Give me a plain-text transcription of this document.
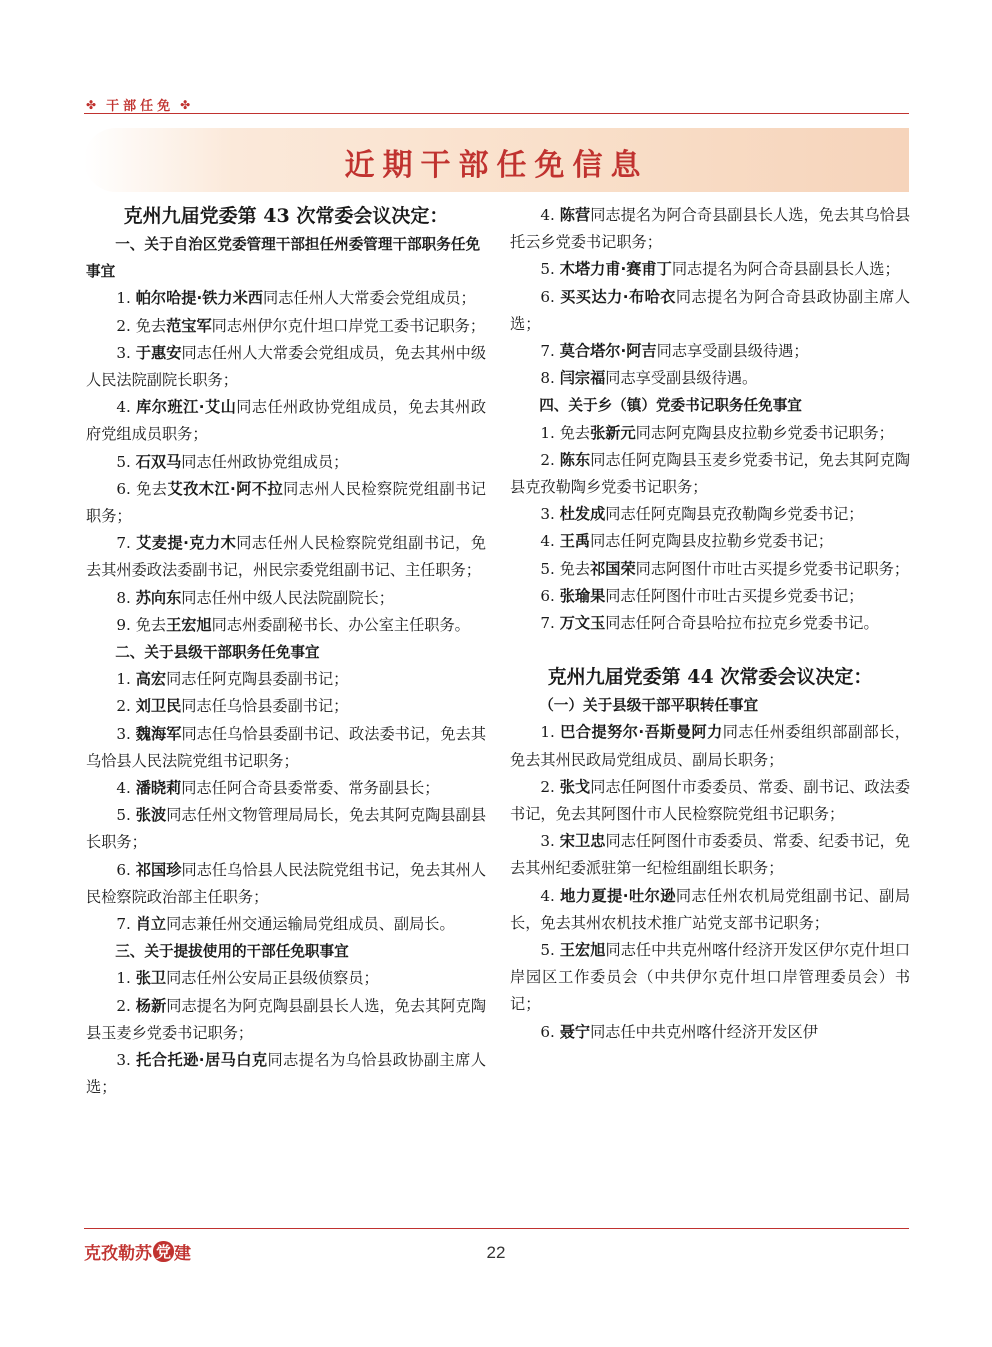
✤ 干部任免 ✤
近期干部任免信息

克州九届党委第 43 次常委会议决定：

一、关于自治区党委管理干部担任州委管理干部职务任免事宜

1. 帕尔哈提·铁力米西同志任州人大常委会党组成员；

2. 免去范宝军同志州伊尔克什坦口岸党工委书记职务；

3. 于惠安同志任州人大常委会党组成员，免去其州中级人民法院副院长职务；

4. 库尔班江·艾山同志任州政协党组成员，免去其州政府党组成员职务；

5. 石双马同志任州政协党组成员；

6. 免去艾孜木江·阿不拉同志州人民检察院党组副书记职务；

7. 艾麦提·克力木同志任州人民检察院党组副书记，免去其州委政法委副书记，州民宗委党组副书记、主任职务；

8. 苏向东同志任州中级人民法院副院长；

9. 免去王宏旭同志州委副秘书长、办公室主任职务。

二、关于县级干部职务任免事宜

1. 高宏同志任阿克陶县委副书记；

2. 刘卫民同志任乌恰县委副书记；

3. 魏海军同志任乌恰县委副书记、政法委书记，免去其乌恰县人民法院党组书记职务；

4. 潘晓莉同志任阿合奇县委常委、常务副县长；

5. 张波同志任州文物管理局局长，免去其阿克陶县副县长职务；

6. 祁国珍同志任乌恰县人民法院党组书记，免去其州人民检察院政治部主任职务；

7. 肖立同志兼任州交通运输局党组成员、副局长。

三、关于提拔使用的干部任免职事宜

1. 张卫同志任州公安局正县级侦察员；

2. 杨新同志提名为阿克陶县副县长人选，免去其阿克陶县玉麦乡党委书记职务；

3. 托合托逊·居马白克同志提名为乌恰县政协副主席人选；

4. 陈营同志提名为阿合奇县副县长人选，免去其乌恰县托云乡党委书记职务；

5. 木塔力甫·赛甫丁同志提名为阿合奇县副县长人选；

6. 买买达力·布哈衣同志提名为阿合奇县政协副主席人选；

7. 莫合塔尔·阿吉同志享受副县级待遇；

8. 闫宗福同志享受副县级待遇。

四、关于乡（镇）党委书记职务任免事宜

1. 免去张新元同志阿克陶县皮拉勒乡党委书记职务；

2. 陈东同志任阿克陶县玉麦乡党委书记，免去其阿克陶县克孜勒陶乡党委书记职务；

3. 杜发成同志任阿克陶县克孜勒陶乡党委书记；

4. 王禹同志任阿克陶县皮拉勒乡党委书记；

5. 免去祁国荣同志阿图什市吐古买提乡党委书记职务；

6. 张瑜果同志任阿图什市吐古买提乡党委书记；

7. 万文玉同志任阿合奇县哈拉布拉克乡党委书记。

克州九届党委第 44 次常委会议决定：

（一）关于县级干部平职转任事宜

1. 巴合提努尔·吾斯曼阿力同志任州委组织部副部长，免去其州民政局党组成员、副局长职务；

2. 张戈同志任阿图什市委委员、常委、副书记、政法委书记，免去其阿图什市人民检察院党组书记职务；

3. 宋卫忠同志任阿图什市委委员、常委、纪委书记，免去其州纪委派驻第一纪检组副组长职务；

4. 地力夏提·吐尔逊同志任州农机局党组副书记、副局长，免去其州农机技术推广站党支部书记职务；

5. 王宏旭同志任中共克州喀什经济开发区伊尔克什坦口岸园区工作委员会（中共伊尔克什坦口岸管理委员会）书记；

6. 聂宁同志任中共克州喀什经济开发区伊

克孜勒苏 党 建	22
